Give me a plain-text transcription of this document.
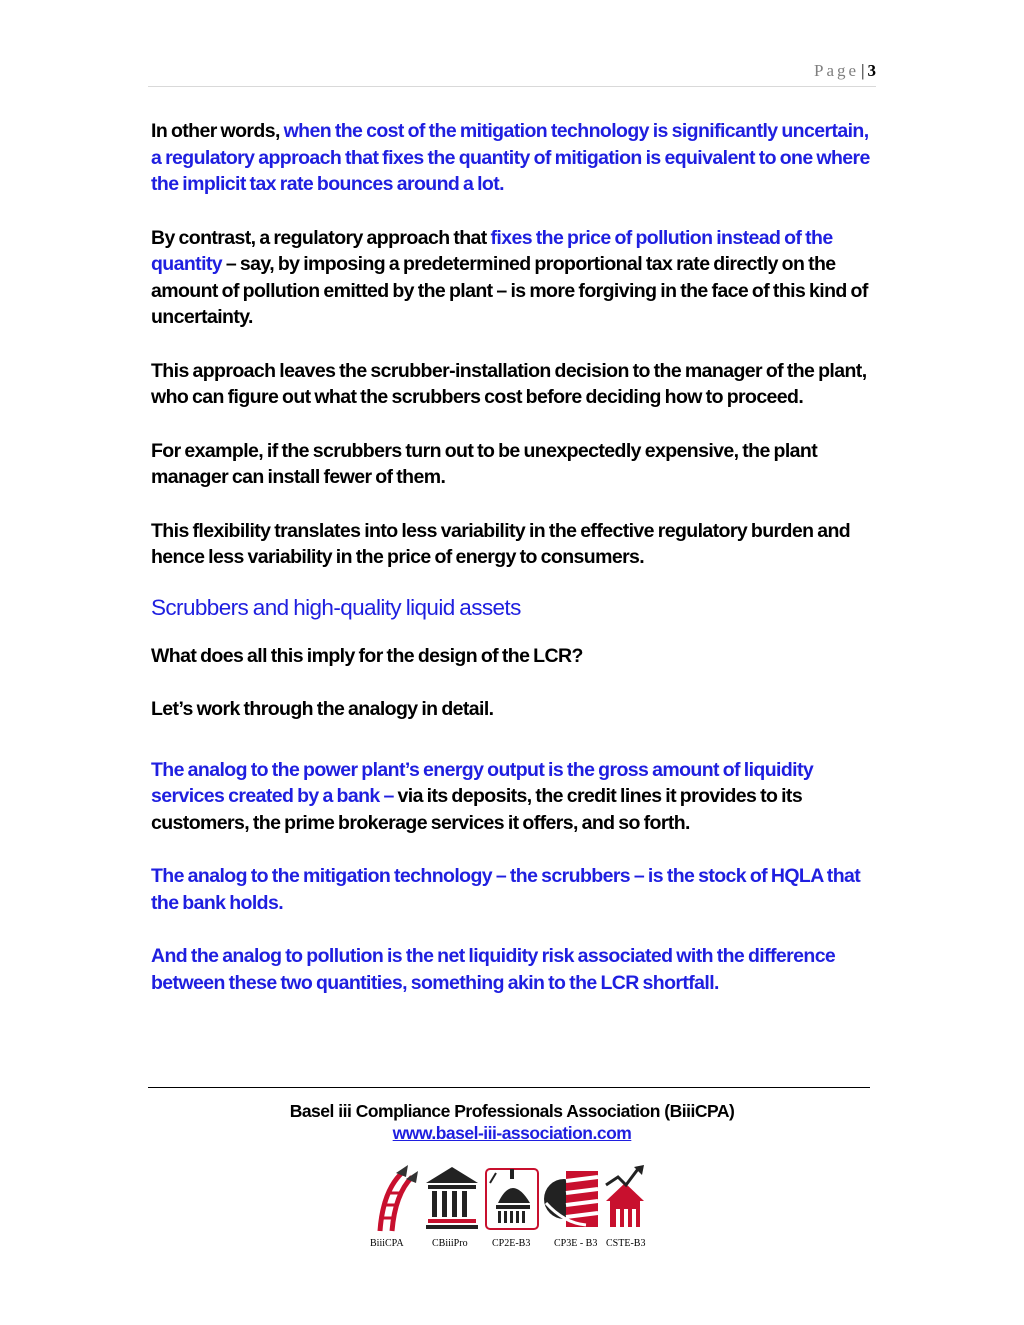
Page | 3

In other words, when the cost of the mitigation technology is significantly uncertain, a regulatory approach that fixes the quantity of mitigation is equivalent to one where the implicit tax rate bounces around a lot.

By contrast, a regulatory approach that fixes the price of pollution instead of the quantity – say, by imposing a predetermined proportional tax rate directly on the amount of pollution emitted by the plant – is more forgiving in the face of this kind of uncertainty.

This approach leaves the scrubber-installation decision to the manager of the plant, who can figure out what the scrubbers cost before deciding how to proceed.

For example, if the scrubbers turn out to be unexpectedly expensive, the plant manager can install fewer of them.

This flexibility translates into less variability in the effective regulatory burden and hence less variability in the price of energy to consumers.

Scrubbers and high-quality liquid assets

What does all this imply for the design of the LCR?

Let’s work through the analogy in detail.

The analog to the power plant’s energy output is the gross amount of liquidity services created by a bank – via its deposits, the credit lines it provides to its customers, the prime brokerage services it offers, and so forth.

The analog to the mitigation technology – the scrubbers – is the stock of HQLA that the bank holds.

And the analog to pollution is the net liquidity risk associated with the difference between these two quantities, something akin to the LCR shortfall.

Basel iii Compliance Professionals Association (BiiiCPA)
www.basel-iii-association.com
BiiiCPA	CBiiiPro CP2E-B3 CP3E - B3 CSTE-B3
